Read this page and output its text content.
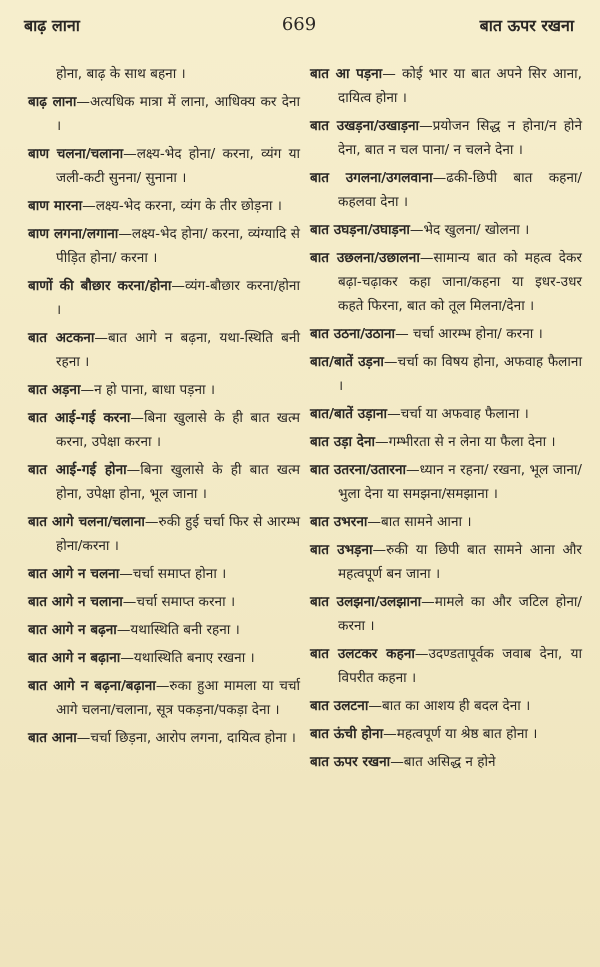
बाढ़ लाना	669	बात ऊपर रखना

होना, बाढ़ के साथ बहना ।

बाढ़ लाना—अत्यधिक मात्रा में लाना, आधिक्य कर देना ।

बाण चलना/चलाना—लक्ष्य-भेद होना/ करना, व्यंग या जली-कटी सुनना/ सुनाना ।

बाण मारना—लक्ष्य-भेद करना, व्यंग के तीर छोड़ना ।

बाण लगना/लगाना—लक्ष्य-भेद होना/ करना, व्यंग्यादि से पीड़ित होना/ करना ।

बाणों की बौछार करना/होना—व्यंग-बौछार करना/होना ।

बात अटकना—बात आगे न बढ़ना, यथा-स्थिति बनी रहना ।

बात अड़ना—न हो पाना, बाधा पड़ना ।

बात आई-गई करना—बिना खुलासे के ही बात खत्म करना, उपेक्षा करना ।

बात आई-गई होना—बिना खुलासे के ही बात खत्म होना, उपेक्षा होना, भूल जाना ।

बात आगे चलना/चलाना—रुकी हुई चर्चा फिर से आरम्भ होना/करना ।

बात आगे न चलना—चर्चा समाप्त होना ।

बात आगे न चलाना—चर्चा समाप्त करना ।

बात आगे न बढ़ना—यथास्थिति बनी रहना ।

बात आगे न बढ़ाना—यथास्थिति बनाए रखना ।

बात आगे न बढ़ना/बढ़ाना—रुका हुआ मामला या चर्चा आगे चलना/चलाना, सूत्र पकड़ना/पकड़ा देना ।

बात आना—चर्चा छिड़ना, आरोप लगना, दायित्व होना ।

बात आ पड़ना— कोई भार या बात अपने सिर आना, दायित्व होना ।

बात उखड़ना/उखाड़ना—प्रयोजन सिद्ध न होना/न होने देना, बात न चल पाना/ न चलने देना ।

बात उगलना/उगलवाना—ढकी-छिपी बात कहना/कहलवा देना ।

बात उघड़ना/उघाड़ना—भेद खुलना/ खोलना ।

बात उछलना/उछालना—सामान्य बात को महत्व देकर बढ़ा-चढ़ाकर कहा जाना/कहना या इधर-उधर कहते फिरना, बात को तूल मिलना/देना ।

बात उठना/उठाना— चर्चा आरम्भ होना/ करना ।

बात/बातें उड़ना—चर्चा का विषय होना, अफवाह फैलाना ।

बात/बातें उड़ाना—चर्चा या अफवाह फैलाना ।

बात उड़ा देना—गम्भीरता से न लेना या फैला देना ।

बात उतरना/उतारना—ध्यान न रहना/ रखना, भूल जाना/भुला देना या समझना/समझाना ।

बात उभरना—बात सामने आना ।

बात उभड़ना—रुकी या छिपी बात सामने आना और महत्वपूर्ण बन जाना ।

बात उलझना/उलझाना—मामले का और जटिल होना/करना ।

बात उलटकर कहना—उदण्डतापूर्वक जवाब देना, या विपरीत कहना ।

बात उलटना—बात का आशय ही बदल देना ।

बात ऊंची होना—महत्वपूर्ण या श्रेष्ठ बात होना ।

बात ऊपर रखना—बात असिद्ध न होने
